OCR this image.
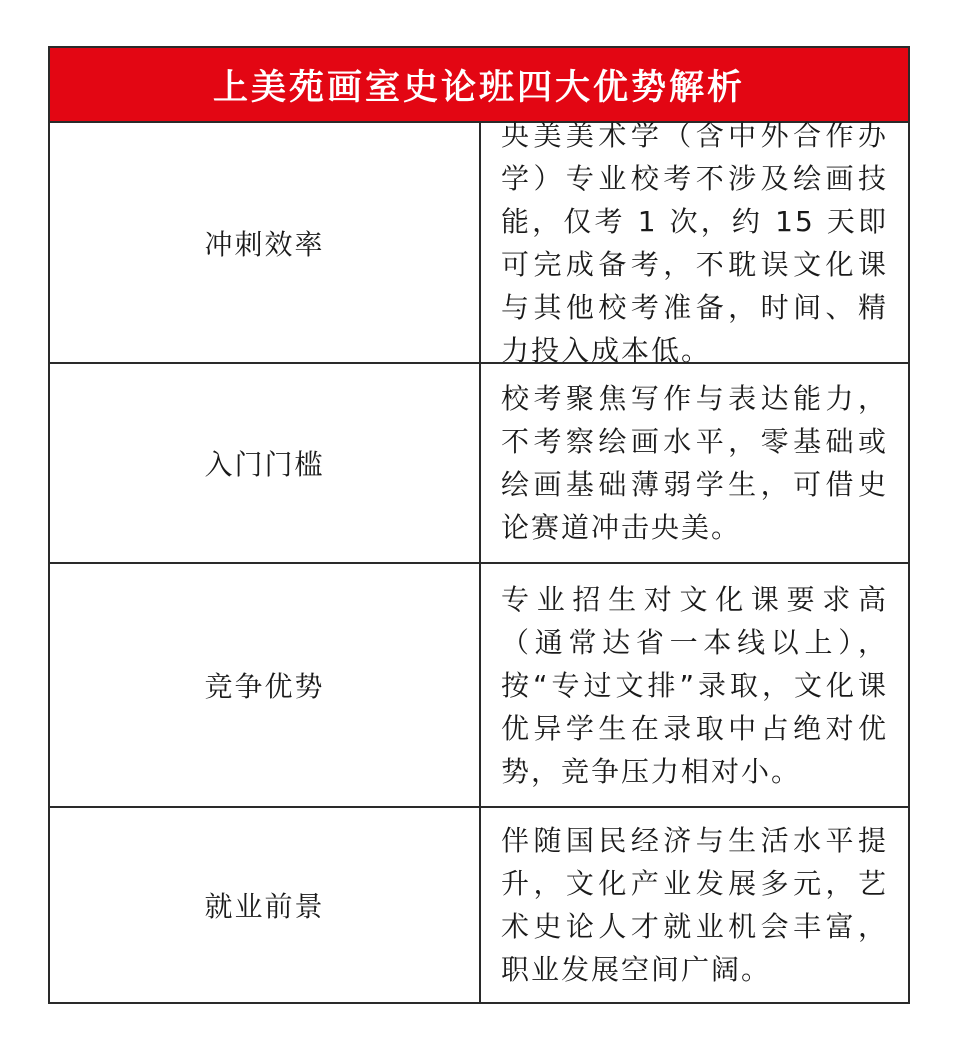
上美苑画室史论班四大优势解析
冲刺效率
央美美术学（含中外合作办学）专业校考不涉及绘画技能，仅考 1 次，约 15 天即可完成备考，不耽误文化课与其他校考准备，时间、精力投入成本低。
入门门槛
校考聚焦写作与表达能力，不考察绘画水平，零基础或绘画基础薄弱学生，可借史论赛道冲击央美。
竞争优势
专业招生对文化课要求高（通常达省一本线以上），按“专过文排”录取，文化课优异学生在录取中占绝对优势，竞争压力相对小。
就业前景
伴随国民经济与生活水平提升，文化产业发展多元，艺术史论人才就业机会丰富，职业发展空间广阔。
